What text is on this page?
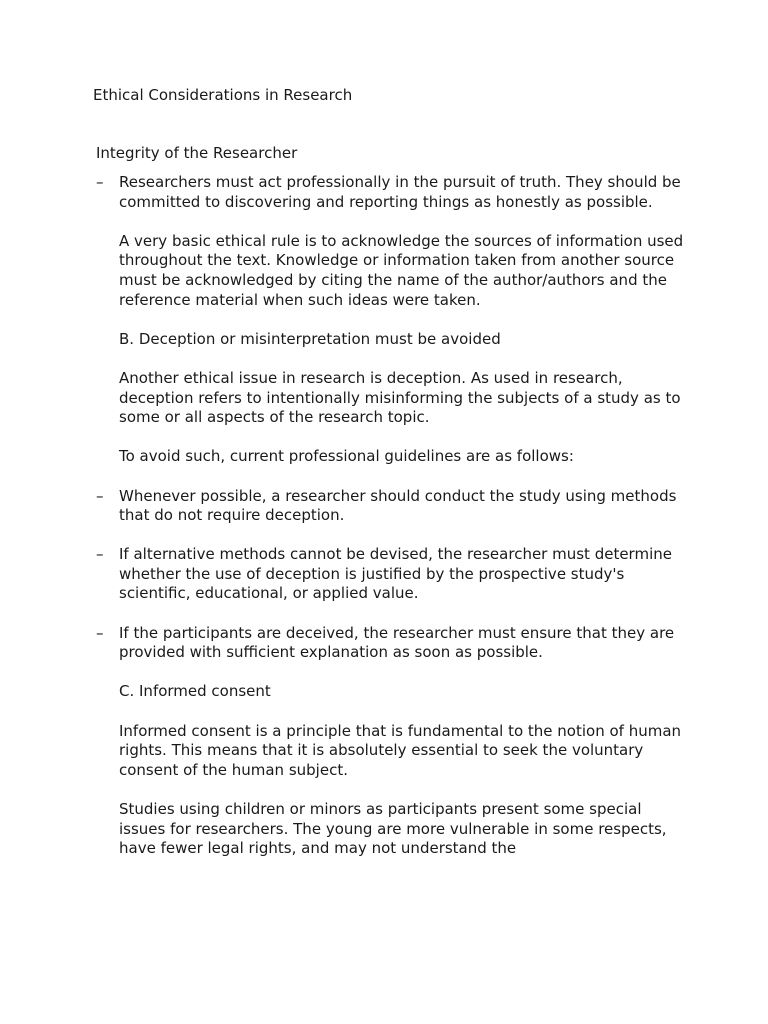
Ethical Considerations in Research
Integrity of the Researcher
– Researchers must act professionally in the pursuit of truth. They should be committed to discovering and reporting things as honestly as possible.

A very basic ethical rule is to acknowledge the sources of information used throughout the text. Knowledge or information taken from another source must be acknowledged by citing the name of the author/authors and the reference material when such ideas were taken.

B. Deception or misinterpretation must be avoided

Another ethical issue in research is deception. As used in research, deception refers to intentionally misinforming the subjects of a study as to some or all aspects of the research topic.

To avoid such, current professional guidelines are as follows:

– Whenever possible, a researcher should conduct the study using methods that do not require deception.

– If alternative methods cannot be devised, the researcher must determine whether the use of deception is justified by the prospective study's scientific, educational, or applied value.

– If the participants are deceived, the researcher must ensure that they are provided with sufficient explanation as soon as possible.

C. Informed consent

Informed consent is a principle that is fundamental to the notion of human rights. This means that it is absolutely essential to seek the voluntary consent of the human subject.

Studies using children or minors as participants present some special issues for researchers. The young are more vulnerable in some respects, have fewer legal rights, and may not understand the
